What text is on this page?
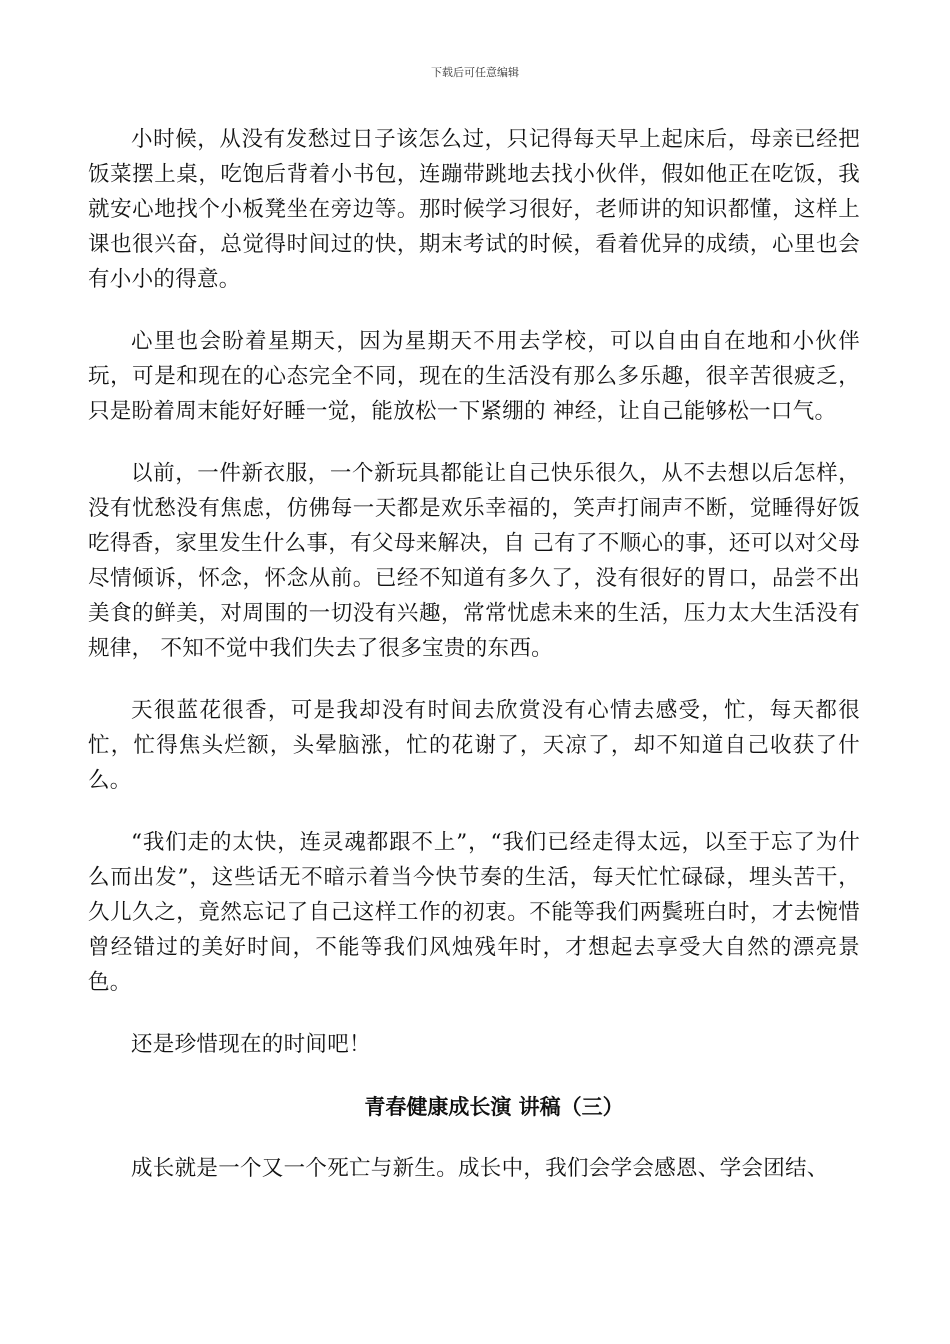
下载后可任意编辑

小时候，从没有发愁过日子该怎么过，只记得每天早上起床后，母亲已经把饭菜摆上桌，吃饱后背着小书包，连蹦带跳地去找小伙伴，假如他正在吃饭，我就安心地找个小板凳坐在旁边等。那时候学习很好，老师讲的知识都懂，这样上课也很兴奋，总觉得时间过的快，期末考试的时候，看着优异的成绩，心里也会有小小的得意。

心里也会盼着星期天，因为星期天不用去学校，可以自由自在地和小伙伴玩，可是和现在的心态完全不同，现在的生活没有那么多乐趣，很辛苦很疲乏，只是盼着周末能好好睡一觉，能放松一下紧绷的 神经，让自己能够松一口气。

以前，一件新衣服，一个新玩具都能让自己快乐很久，从不去想以后怎样，没有忧愁没有焦虑，仿佛每一天都是欢乐幸福的，笑声打闹声不断，觉睡得好饭吃得香，家里发生什么事，有父母来解决，自 己有了不顺心的事，还可以对父母尽情倾诉，怀念，怀念从前。已经不知道有多久了，没有很好的胃口，品尝不出美食的鲜美，对周围的一切没有兴趣，常常忧虑未来的生活，压力太大生活没有规律， 不知不觉中我们失去了很多宝贵的东西。

天很蓝花很香，可是我却没有时间去欣赏没有心情去感受，忙，每天都很忙，忙得焦头烂额，头晕脑涨，忙的花谢了，天凉了，却不知道自己收获了什么。

“我们走的太快，连灵魂都跟不上”，“我们已经走得太远，以至于忘了为什么而出发”，这些话无不暗示着当今快节奏的生活，每天忙忙碌碌，埋头苦干，久儿久之，竟然忘记了自己这样工作的初衷。不能等我们两鬓班白时，才去惋惜曾经错过的美好时间，不能等我们风烛残年时，才想起去享受大自然的漂亮景色。

还是珍惜现在的时间吧！

青春健康成长演 讲稿（三）

成长就是一个又一个死亡与新生。成长中，我们会学会感恩、学会团结、
